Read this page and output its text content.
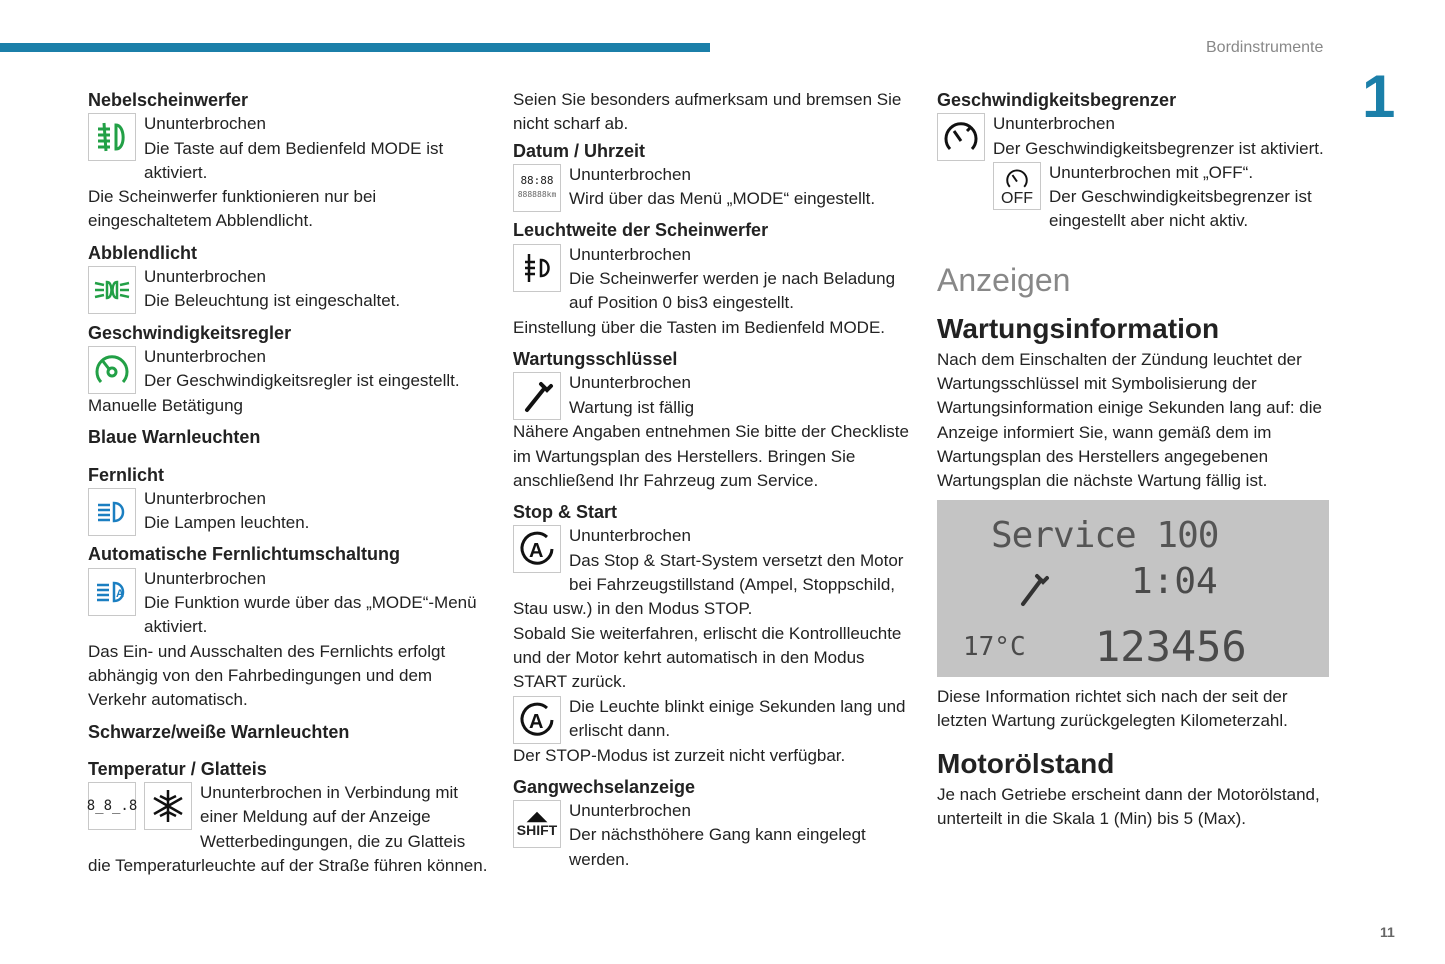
Bordinstrumente
1
11
Nebelscheinwerfer

Ununterbrochen

Die Taste auf dem Bedienfeld MODE ist aktiviert.

Die Scheinwerfer funktionieren nur bei eingeschaltetem Abblendlicht.

Abblendlicht

Ununterbrochen

Die Beleuchtung ist eingeschaltet.

Geschwindigkeitsregler

Ununterbrochen

Der Geschwindigkeitsregler ist eingestellt.

Manuelle Betätigung

Blaue Warnleuchten
Fernlicht

Ununterbrochen

Die Lampen leuchten.

Automatische Fernlichtumschaltung
A

Ununterbrochen

Die Funktion wurde über das „MODE“-Menü aktiviert.

Das Ein- und Ausschalten des Fernlichts erfolgt abhängig von den Fahrbedingungen und dem Verkehr automatisch.

Schwarze/weiße Warnleuchten
Temperatur / Glatteis
8̲8̲.8

Ununterbrochen in Verbindung mit einer Meldung auf der Anzeige Wetterbedingungen, die zu Glatteis die Temperaturleuchte auf der Straße führen können.

Seien Sie besonders aufmerksam und bremsen Sie nicht scharf ab.

Datum / Uhrzeit
88:88
888888km

Ununterbrochen

Wird über das Menü „MODE“ eingestellt.

Leuchtweite der Scheinwerfer

Ununterbrochen

Die Scheinwerfer werden je nach Beladung auf Position 0 bis3 eingestellt.

Einstellung über die Tasten im Bedienfeld MODE.

Wartungsschlüssel

Ununterbrochen

Wartung ist fällig

Nähere Angaben entnehmen Sie bitte der Checkliste im Wartungsplan des Herstellers. Bringen Sie anschließend Ihr Fahrzeug zum Service.

Stop & Start
A

Ununterbrochen

Das Stop & Start-System versetzt den Motor bei Fahrzeugstillstand (Ampel, Stoppschild, Stau usw.) in den Modus STOP.

Sobald Sie weiterfahren, erlischt die Kontrollleuchte und der Motor kehrt automatisch in den Modus START zurück.

A

Die Leuchte blinkt einige Sekunden lang und erlischt dann.

Der STOP-Modus ist zurzeit nicht verfügbar.

Gangwechselanzeige
SHIFT

Ununterbrochen

Der nächsthöhere Gang kann eingelegt werden.

Geschwindigkeitsbegrenzer

Ununterbrochen

Der Geschwindigkeitsbegrenzer ist aktiviert.

OFF

Ununterbrochen mit „OFF“.

Der Geschwindigkeitsbegrenzer ist eingestellt aber nicht aktiv.

Anzeigen
Wartungsinformation

Nach dem Einschalten der Zündung leuchtet der Wartungsschlüssel mit Symbolisierung der Wartungsinformation einige Sekunden lang auf: die Anzeige informiert Sie, wann gemäß dem im Wartungsplan des Herstellers angegebenen Wartungsplan die nächste Wartung fällig ist.

Service 100
1:04
17°C 123456

Diese Information richtet sich nach der seit der letzten Wartung zurückgelegten Kilometerzahl.

Motorölstand

Je nach Getriebe erscheint dann der Motorölstand, unterteilt in die Skala 1 (Min) bis 5 (Max).
